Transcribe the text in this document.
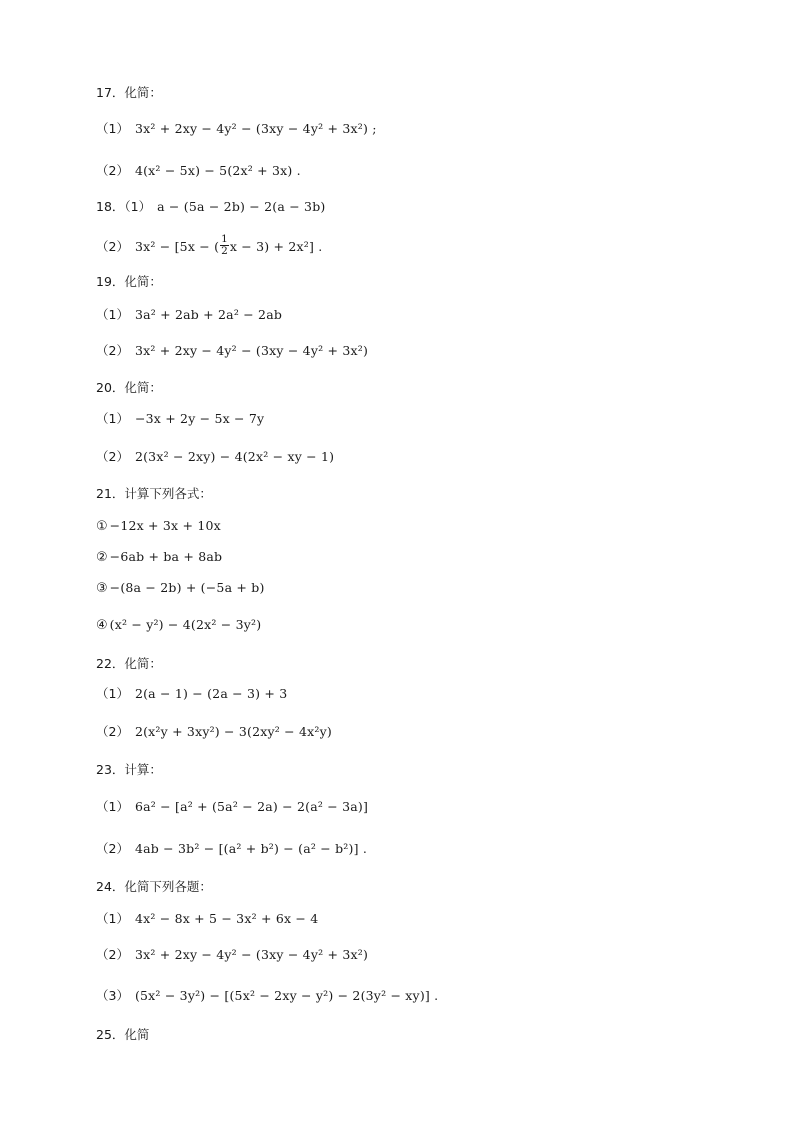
17．化简：
（1） 3x² + 2xy − 4y² − (3xy − 4y² + 3x²) ;
（2） 4(x² − 5x) − 5(2x² + 3x) .
18．（1） a − (5a − 2b) − 2(a − 3b)
（2） 3x² − [5x − ( $\frac{1}{2}$ x − 3) + 2x²] .
19．化简：
（1） 3a² + 2ab + 2a² − 2ab
（2） 3x² + 2xy − 4y² − (3xy − 4y² + 3x²)
20．化简：
（1） −3x + 2y − 5x − 7y
（2） 2(3x² − 2xy) − 4(2x² − xy − 1)
21．计算下列各式：
① −12x + 3x + 10x
② −6ab + ba + 8ab
③ −(8a − 2b) + (−5a + b)
④ (x² − y²) − 4(2x² − 3y²)
22．化简：
（1） 2(a − 1) − (2a − 3) + 3
（2） 2(x²y + 3xy²) − 3(2xy² − 4x²y)
23．计算：
（1） 6a² − [a² + (5a² − 2a) − 2(a² − 3a)]
（2） 4ab − 3b² − [(a² + b²) − (a² − b²)] .
24．化简下列各题：
（1） 4x² − 8x + 5 − 3x² + 6x − 4
（2） 3x² + 2xy − 4y² − (3xy − 4y² + 3x²)
（3） (5x² − 3y²) − [(5x² − 2xy − y²) − 2(3y² − xy)] .
25．化简
